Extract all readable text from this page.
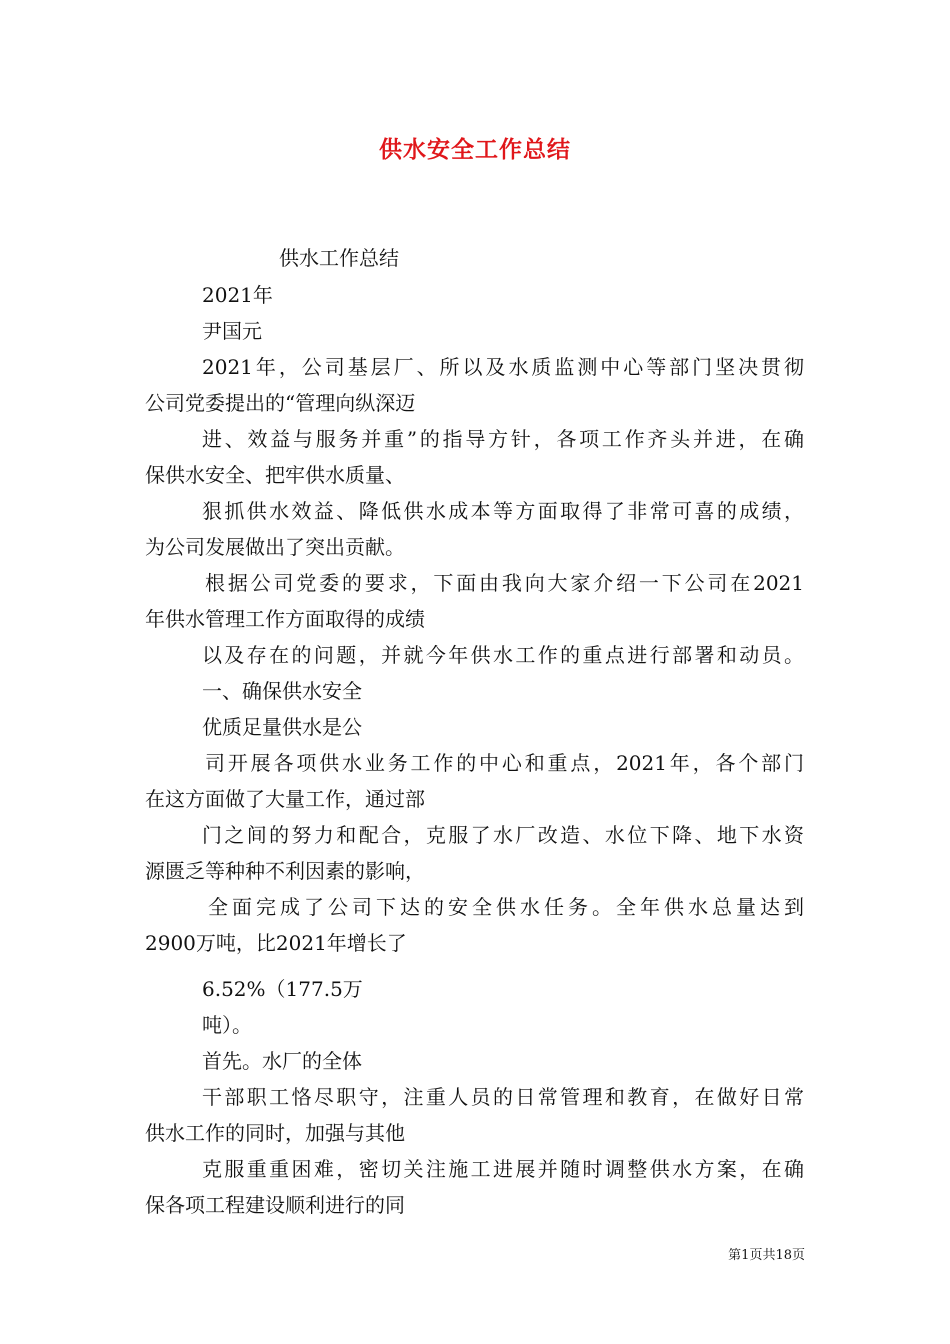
供水安全工作总结

供水工作总结

2021年

尹国元

2021年，公司基层厂、所以及水质监测中心等部门坚决贯彻

公司党委提出的“管理向纵深迈

进、效益与服务并重”的指导方针，各项工作齐头并进，在确

保供水安全、把牢供水质量、

狠抓供水效益、降低供水成本等方面取得了非常可喜的成绩，

为公司发展做出了突出贡献。

根据公司党委的要求，下面由我向大家介绍一下公司在2021

年供水管理工作方面取得的成绩

以及存在的问题，并就今年供水工作的重点进行部署和动员。

一、确保供水安全

优质足量供水是公

司开展各项供水业务工作的中心和重点，2021年，各个部门

在这方面做了大量工作，通过部

门之间的努力和配合，克服了水厂改造、水位下降、地下水资

源匮乏等种种不利因素的影响，

全面完成了公司下达的安全供水任务。全年供水总量达到

2900万吨，比2021年增长了

6.52%（177.5万

吨）。

首先。水厂的全体

干部职工恪尽职守，注重人员的日常管理和教育，在做好日常

供水工作的同时，加强与其他

克服重重困难，密切关注施工进展并随时调整供水方案，在确

保各项工程建设顺利进行的同

第1页共18页
